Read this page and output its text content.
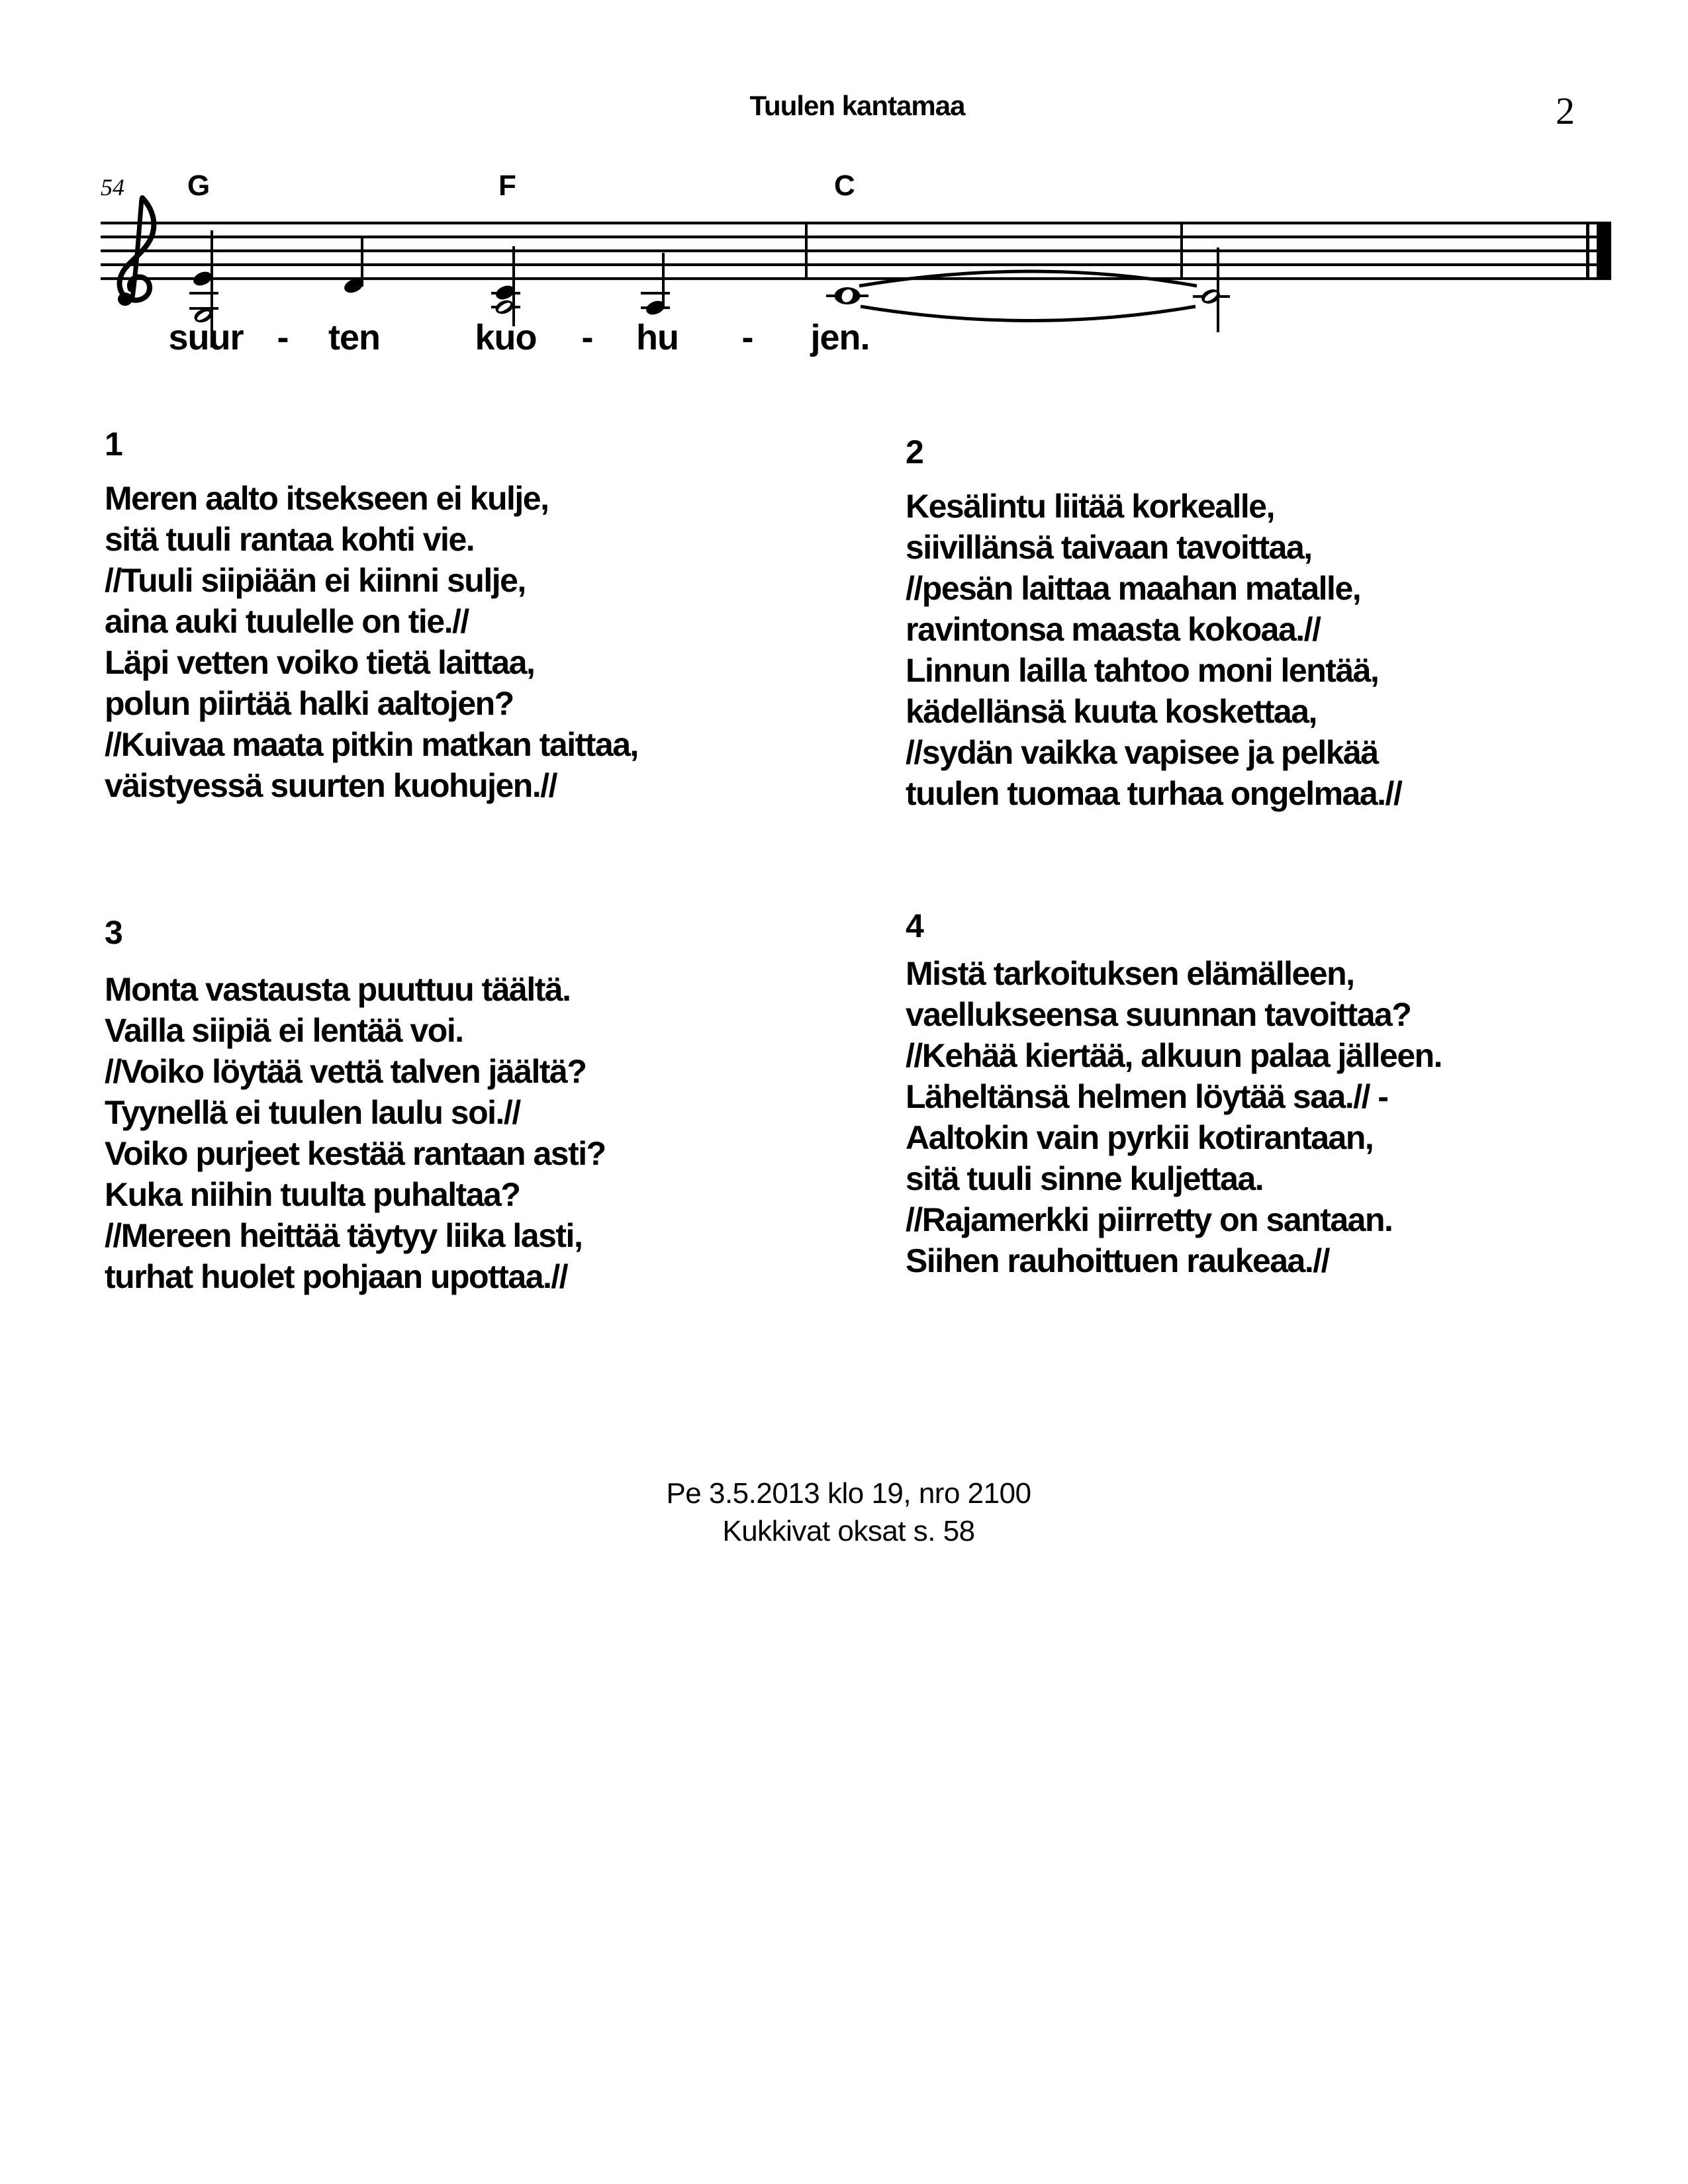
Tuulen kantamaa	2
54 G	F	C
suur - ten	kuo - hu - jen.
1
Meren aalto itsekseen ei kulje,
sitä tuuli rantaa kohti vie.
//Tuuli siipiään ei kiinni sulje,
aina auki tuulelle on tie.//
Läpi vetten voiko tietä laittaa,
polun piirtää halki aaltojen?
//Kuivaa maata pitkin matkan taittaa,
väistyessä suurten kuohujen.//
2
Kesälintu liitää korkealle,
siivillänsä taivaan tavoittaa,
//pesän laittaa maahan matalle,
ravintonsa maasta kokoaa.//
Linnun lailla tahtoo moni lentää,
kädellänsä kuuta koskettaa,
//sydän vaikka vapisee ja pelkää
tuulen tuomaa turhaa ongelmaa.//
3
Monta vastausta puuttuu täältä.
Vailla siipiä ei lentää voi.
//Voiko löytää vettä talven jäältä?
Tyynellä ei tuulen laulu soi.//
Voiko purjeet kestää rantaan asti?
Kuka niihin tuulta puhaltaa?
//Mereen heittää täytyy liika lasti,
turhat huolet pohjaan upottaa.//
4
Mistä tarkoituksen elämälleen,
vaellukseensa suunnan tavoittaa?
//Kehää kiertää, alkuun palaa jälleen.
Läheltänsä helmen löytää saa.// -
Aaltokin vain pyrkii kotirantaan,
sitä tuuli sinne kuljettaa.
//Rajamerkki piirretty on santaan.
Siihen rauhoittuen raukeaa.//
Pe 3.5.2013 klo 19, nro 2100
Kukkivat oksat s. 58
